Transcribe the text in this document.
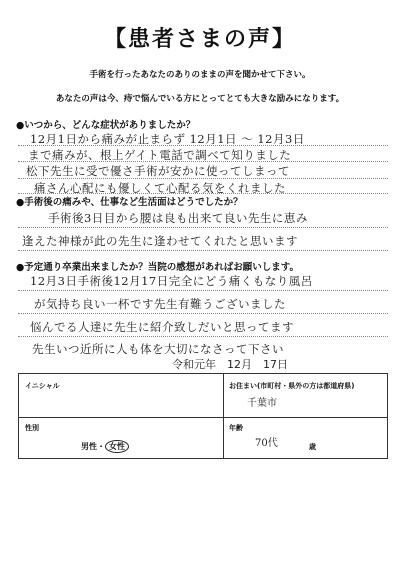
【患者さまの声】
手術を行ったあなたのありのままの声を聞かせて下さい。
あなたの声は今、痔で悩んでいる方にとってとても大きな励みになります。
●いつから、どんな症状がありましたか？
12月1日から痛みが止まらず 12月1日 ～ 12月3日
まで痛みが、根上ゲイト電話で調べて知りました
松下先生に受で優さ手術が安かに使ってしまって
痛さん心配にも優しくて心配る気をくれました
●手術後の痛みや、仕事など生活面はどうでしたか？
手術後3日目から腰は良も出来て良い先生に恵み
逢えた神様が此の先生に逢わせてくれたと思います
●予定通り卒業出来ましたか？当院の感想があればお願いします。
12月3日手術後12月17日完全にどう痛くもなり風呂
が気持ち良い一杯です先生有難うございました
悩んでる人達に先生に紹介致しだいと思ってます
先生いつ近所に人も体を大切になさって下さい
令和元年　12月　17日
イニシャル	お住まい(市町村・県外の方は都道府県)
千葉市
性別
男性・ 女性
年齢
70代	歳
